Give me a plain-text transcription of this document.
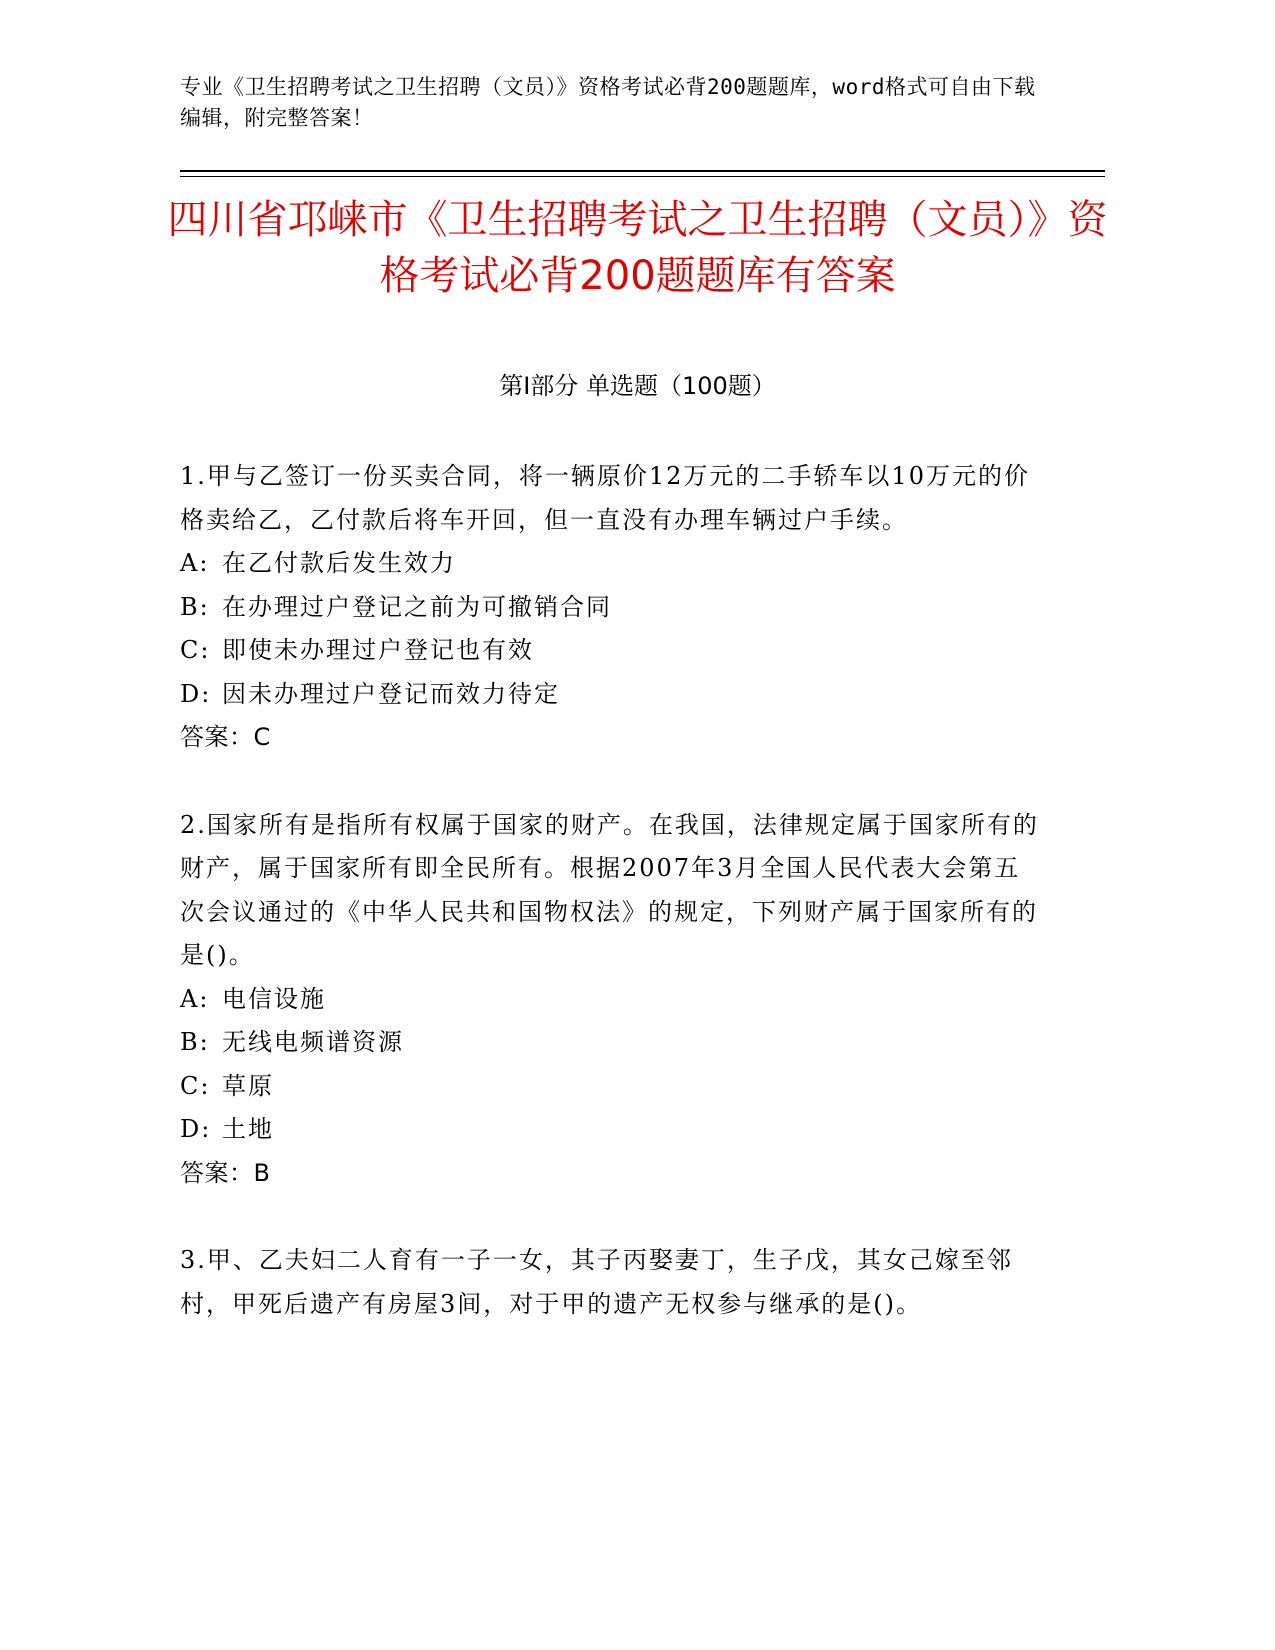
专业《卫生招聘考试之卫生招聘（文员）》资格考试必背200题题库，word格式可自由下载编辑，附完整答案！
四川省邛崃市《卫生招聘考试之卫生招聘（文员）》资格考试必背200题题库有答案
第Ⅰ部分 单选题（100题）
1.甲与乙签订一份买卖合同，将一辆原价12万元的二手轿车以10万元的价格卖给乙，乙付款后将车开回，但一直没有办理车辆过户手续。
A: 在乙付款后发生效力
B: 在办理过户登记之前为可撤销合同
C: 即使未办理过户登记也有效
D: 因未办理过户登记而效力待定
答案：C
2.国家所有是指所有权属于国家的财产。在我国，法律规定属于国家所有的财产，属于国家所有即全民所有。根据2007年3月全国人民代表大会第五次会议通过的《中华人民共和国物权法》的规定，下列财产属于国家所有的是()。
A: 电信设施
B: 无线电频谱资源
C: 草原
D: 土地
答案：B
3.甲、乙夫妇二人育有一子一女，其子丙娶妻丁，生子戊，其女己嫁至邻村，甲死后遗产有房屋3间，对于甲的遗产无权参与继承的是()。
